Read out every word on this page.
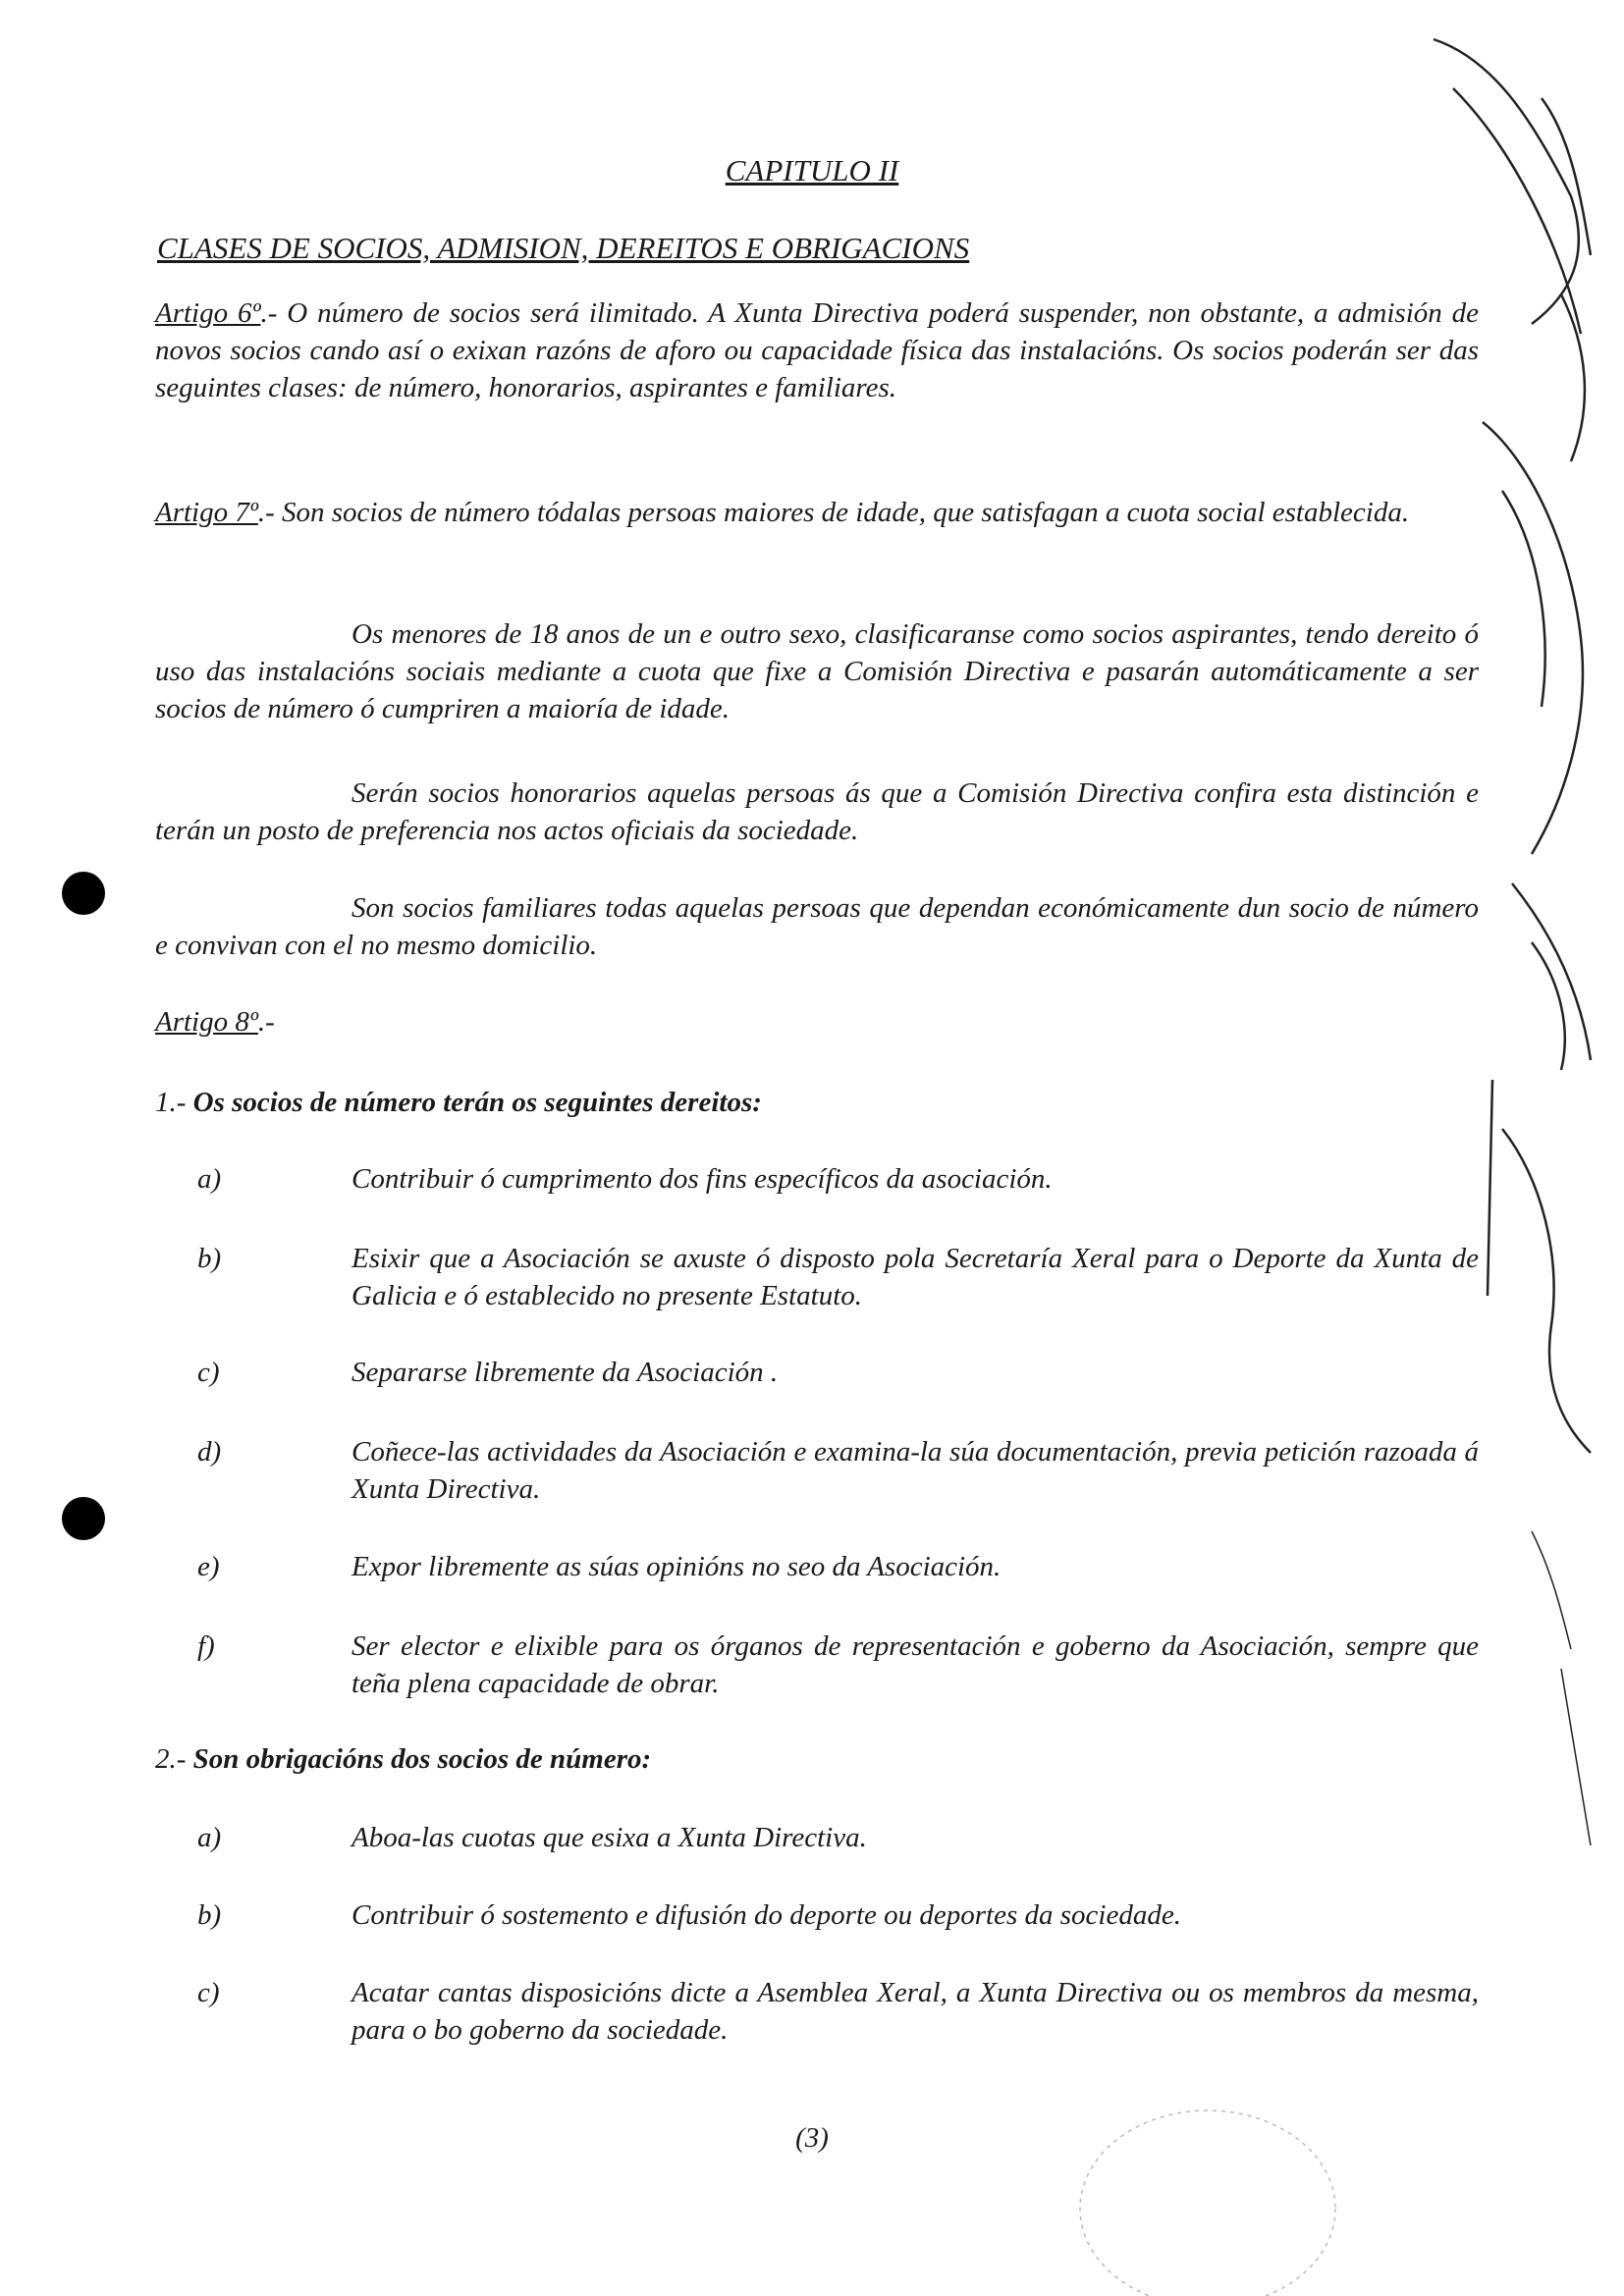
CAPITULO II
CLASES DE SOCIOS, ADMISION, DEREITOS E OBRIGACIONS
Artigo 6º.- O número de socios será ilimitado. A Xunta Directiva poderá suspender, non obstante, a admisión de novos socios cando así o exixan razóns de aforo ou capacidade física das instalacións. Os socios poderán ser das seguintes clases: de número, honorarios, aspirantes e familiares.
Artigo 7º.- Son socios de número tódalas persoas maiores de idade, que satisfagan a cuota social establecida.
Os menores de 18 anos de un e outro sexo, clasificaranse como socios aspirantes, tendo dereito ó uso das instalacións sociais mediante a cuota que fixe a Comisión Directiva e pasarán automáticamente a ser socios de número ó cumpriren a maioría de idade.
Serán socios honorarios aquelas persoas ás que a Comisión Directiva confira esta distinción e terán un posto de preferencia nos actos oficiais da sociedade.
Son socios familiares todas aquelas persoas que dependan económicamente dun socio de número e convivan con el no mesmo domicilio.
Artigo 8º.-
1.- Os socios de número terán os seguintes dereitos:
a)	Contribuir ó cumprimento dos fins específicos da asociación.
b)	Esixir que a Asociación se axuste ó disposto pola Secretaría Xeral para o Deporte da Xunta de Galicia e ó establecido no presente Estatuto.
c)	Separarse libremente da Asociación .
d)	Coñece-las actividades da Asociación e examina-la súa documentación, previa petición razoada á Xunta Directiva.
e)	Expor libremente as súas opinións no seo da Asociación.
f)	Ser elector e elixible para os órganos de representación e goberno da Asociación, sempre que teña plena capacidade de obrar.
2.- Son obrigacións dos socios de número:
a)	Aboa-las cuotas que esixa a Xunta Directiva.
b)	Contribuir ó sostemento e difusión do deporte ou deportes da sociedade.
c)	Acatar cantas disposicións dicte a Asemblea Xeral, a Xunta Directiva ou os membros da mesma, para o bo goberno da sociedade.
(3)
